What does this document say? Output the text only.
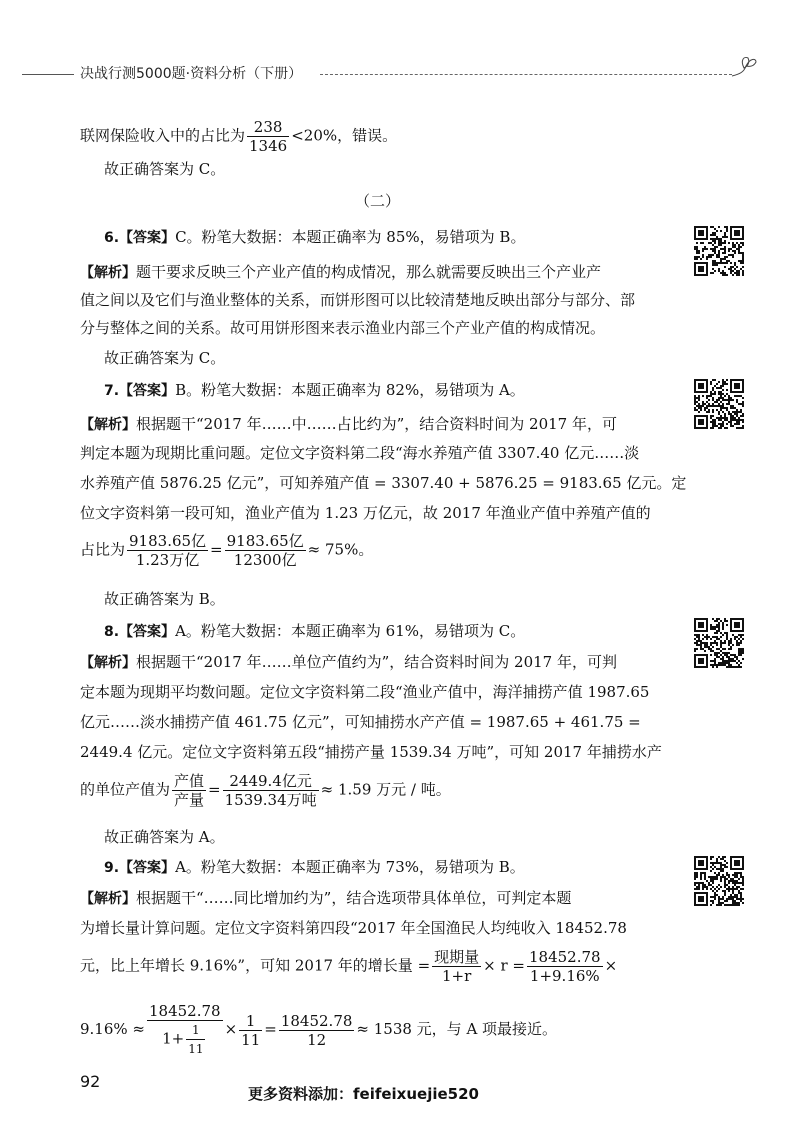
决战行测5000题·资料分析（下册）
联网保险收入中的占比为 $\frac{238}{1346} <20\%$，错误。
故正确答案为 C。
（二）
6.【答案】C。粉笔大数据：本题正确率为 85%，易错项为 B。
【解析】题干要求反映三个产业产值的构成情况，那么就需要反映出三个产业产
值之间以及它们与渔业整体的关系，而饼形图可以比较清楚地反映出部分与部分、部
分与整体之间的关系。故可用饼形图来表示渔业内部三个产业产值的构成情况。
故正确答案为 C。
7.【答案】B。粉笔大数据：本题正确率为 82%，易错项为 A。
【解析】根据题干“2017 年……中……占比约为”，结合资料时间为 2017 年，可
判定本题为现期比重问题。定位文字资料第二段“海水养殖产值 3307.40 亿元……淡
水养殖产值 5876.25 亿元”，可知养殖产值 = 3307.40 + 5876.25 = 9183.65 亿元。定
位文字资料第一段可知，渔业产值为 1.23 万亿元，故 2017 年渔业产值中养殖产值的
占比为 $\frac{\text{9183.65亿}}{\text{1.23万亿}} = \frac{\text{9183.65亿}}{\text{12300亿}} \approx 75\%$。
故正确答案为 B。
8.【答案】A。粉笔大数据：本题正确率为 61%，易错项为 C。
【解析】根据题干“2017 年……单位产值约为”，结合资料时间为 2017 年，可判
定本题为现期平均数问题。定位文字资料第二段“渔业产值中，海洋捕捞产值 1987.65
亿元……淡水捕捞产值 461.75 亿元”，可知捕捞水产产值 = 1987.65 + 461.75 =
2449.4 亿元。定位文字资料第五段“捕捞产量 1539.34 万吨”，可知 2017 年捕捞水产
的单位产值为 $\frac{\text{产值}}{\text{产量}} = \frac{\text{2449.4亿元}}{\text{1539.34万吨}} \approx 1.59$ 万元 / 吨。
故正确答案为 A。
9.【答案】A。粉笔大数据：本题正确率为 73%，易错项为 B。
【解析】根据题干“……同比增加约为”，结合选项带具体单位，可判定本题
为增长量计算问题。定位文字资料第四段“2017 年全国渔民人均纯收入 18452.78
元，比上年增长 9.16%”，可知 2017 年的增长量 = $\frac{\text{现期量}}{1+r} \times r = \frac{18452.78}{1+9.16\%}$ ×
$9.16\% \approx \frac{18452.78}{1+ \frac{1}{11}} \times \frac{1}{11} = \frac{18452.78}{12} \approx 1538$ 元，与 A 项最接近。
92
更多资料添加：feifeixuejie520
